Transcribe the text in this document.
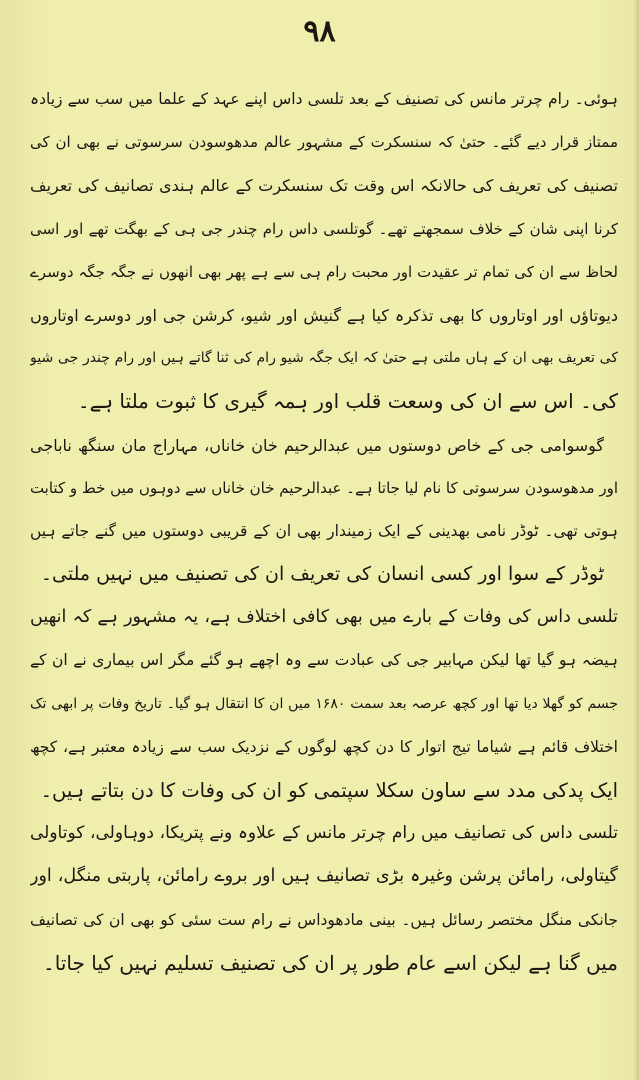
۹۸
ہوئی۔ رام چرتر مانس کی تصنیف کے بعد تلسی داس اپنے عہد کے علما میں سب سے زیادہ
ممتاز قرار دیے گئے۔ حتیٰ کہ سنسکرت کے مشہور عالم مدھوسودن سرسوتی نے بھی ان کی
تصنیف کی تعریف کی حالانکہ اس وقت تک سنسکرت کے عالم ہندی تصانیف کی تعریف
کرنا اپنی شان کے خلاف سمجھتے تھے۔ گوتلسی داس رام چندر جی ہی کے بھگت تھے اور اسی
لحاظ سے ان کی تمام تر عقیدت اور محبت رام ہی سے ہے پھر بھی انھوں نے جگہ جگہ دوسرے
دیوتاؤں اور اوتاروں کا بھی تذکرہ کیا ہے گنیش اور شیو، کرشن جی اور دوسرے اوتاروں
کی تعریف بھی ان کے ہاں ملتی ہے حتیٰ کہ ایک جگہ شیو رام کی ثنا گاتے ہیں اور رام چندر جی شیو
کی۔ اس سے ان کی وسعت قلب اور ہمہ گیری کا ثبوت ملتا ہے۔
گوسوامی جی کے خاص دوستوں میں عبدالرحیم خان خاناں، مہاراج مان سنگھ ناباجی
اور مدھوسودن سرسوتی کا نام لیا جاتا ہے۔ عبدالرحیم خان خاناں سے دوہوں میں خط و کتابت
ہوتی تھی۔ ٹوڈر نامی بھدینی کے ایک زمیندار بھی ان کے قریبی دوستوں میں گنے جاتے ہیں
ٹوڈر کے سوا اور کسی انسان کی تعریف ان کی تصنیف میں نہیں ملتی۔
تلسی داس کی وفات کے بارے میں بھی کافی اختلاف ہے، یہ مشہور ہے کہ انھیں
ہیضہ ہو گیا تھا لیکن مہابیر جی کی عبادت سے وہ اچھے ہو گئے مگر اس بیماری نے ان کے
جسم کو گھلا دیا تھا اور کچھ عرصہ بعد سمت ۱۶۸۰ میں ان کا انتقال ہو گیا۔ تاریخ وفات پر ابھی تک
اختلاف قائم ہے شیاما تیج اتوار کا دن کچھ لوگوں کے نزدیک سب سے زیادہ معتبر ہے، کچھ
ایک پدکی مدد سے ساون سکلا سپتمی کو ان کی وفات کا دن بتاتے ہیں۔
تلسی داس کی تصانیف میں رام چرتر مانس کے علاوہ ونے پتریکا، دوہاولی، کوتاولی
گیتاولی، رامائن پرشن وغیرہ بڑی تصانیف ہیں اور بروے رامائن، پاربتی منگل، اور
جانکی منگل مختصر رسائل ہیں۔ بینی مادھوداس نے رام ست سئی کو بھی ان کی تصانیف
میں گنا ہے لیکن اسے عام طور پر ان کی تصنیف تسلیم نہیں کیا جاتا۔
